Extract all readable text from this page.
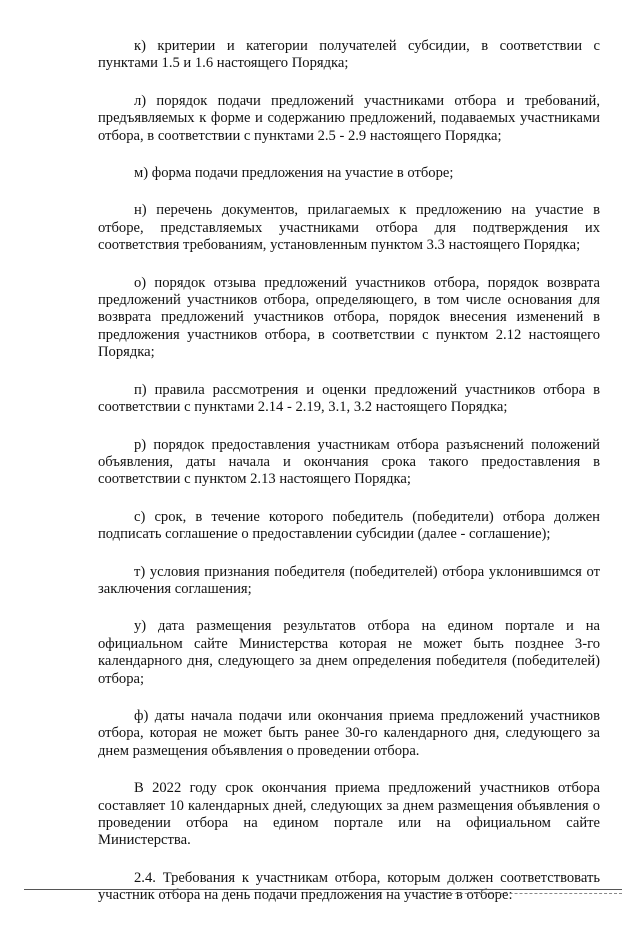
к) критерии и категории получателей субсидии, в соответствии с пунктами 1.5 и 1.6 настоящего Порядка;

л) порядок подачи предложений участниками отбора и требований, предъявляемых к форме и содержанию предложений, подаваемых участниками отбора, в соответствии с пунктами 2.5 - 2.9 настоящего Порядка;

м) форма подачи предложения на участие в отборе;

н) перечень документов, прилагаемых к предложению на участие в отборе, представляемых участниками отбора для подтверждения их соответствия требованиям, установленным пунктом 3.3 настоящего Порядка;

о) порядок отзыва предложений участников отбора, порядок возврата предложений участников отбора, определяющего, в том числе основания для возврата предложений участников отбора, порядок внесения изменений в предложения участников отбора, в соответствии с пунктом 2.12 настоящего Порядка;

п) правила рассмотрения и оценки предложений участников отбора в соответствии с пунктами 2.14 - 2.19, 3.1, 3.2 настоящего Порядка;

р) порядок предоставления участникам отбора разъяснений положений объявления, даты начала и окончания срока такого предоставления в соответствии с пунктом 2.13 настоящего Порядка;

с) срок, в течение которого победитель (победители) отбора должен подписать соглашение о предоставлении субсидии (далее - соглашение);

т) условия признания победителя (победителей) отбора уклонившимся от заключения соглашения;

у) дата размещения результатов отбора на едином портале и на официальном сайте Министерства которая не может быть позднее 3-го календарного дня, следующего за днем определения победителя (победителей) отбора;

ф) даты начала подачи или окончания приема предложений участников отбора, которая не может быть ранее 30-го календарного дня, следующего за днем размещения объявления о проведении отбора.

В 2022 году срок окончания приема предложений участников отбора составляет 10 календарных дней, следующих за днем размещения объявления о проведении отбора на едином портале или на официальном сайте Министерства.

2.4. Требования к участникам отбора, которым должен соответствовать участник отбора на день подачи предложения на участие в отборе:
